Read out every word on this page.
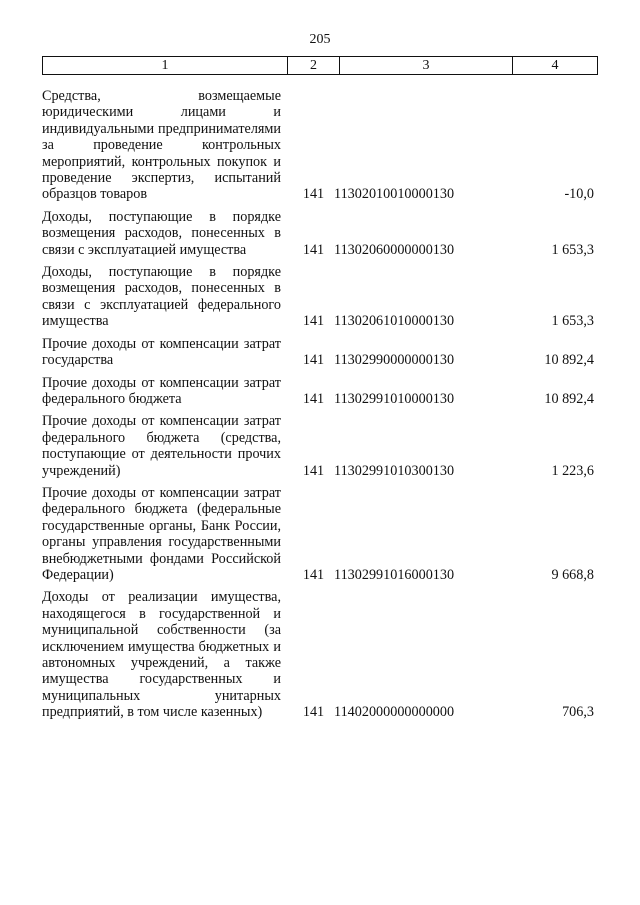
205
1	2	3	4
Средства, возмещаемые юридическими лицами и индивидуальными предпринимателями за проведение контрольных мероприятий, контрольных покупок и проведение экспертиз, испытаний образцов товаров	141 11302010010000130	-10,0
Доходы, поступающие в порядке возмещения расходов, понесенных в связи с эксплуатацией имущества	141 11302060000000130	1 653,3
Доходы, поступающие в порядке возмещения расходов, понесенных в связи с эксплуатацией федерального имущества	141 11302061010000130	1 653,3
Прочие доходы от компенсации затрат государства	141 11302990000000130	10 892,4
Прочие доходы от компенсации затрат федерального бюджета	141 11302991010000130	10 892,4
Прочие доходы от компенсации затрат федерального бюджета (средства, поступающие от деятельности прочих учреждений)	141 11302991010300130	1 223,6
Прочие доходы от компенсации затрат федерального бюджета (федеральные государственные органы, Банк России, органы управления государственными внебюджетными фондами Российской Федерации)	141 11302991016000130	9 668,8
Доходы от реализации имущества, находящегося в государственной и муниципальной собственности (за исключением имущества бюджетных и автономных учреждений, а также имущества государственных и муниципальных унитарных предприятий, в том числе казенных)	141 11402000000000000	706,3
